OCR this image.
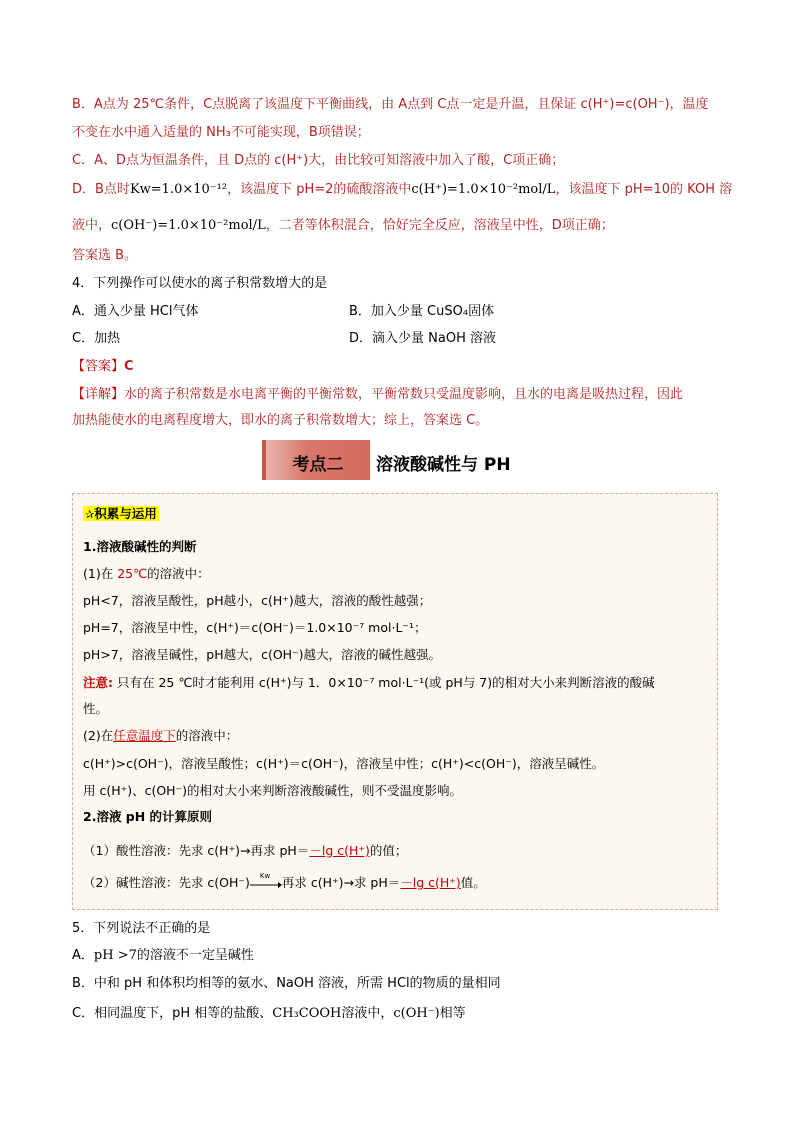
B．A点为 25℃条件，C点脱离了该温度下平衡曲线，由 A点到 C点一定是升温，且保证 c(H⁺)=c(OH⁻)，温度
不变在水中通入适量的 NH₃不可能实现，B项错误；
C．A、D点为恒温条件，且 D点的 c(H⁺)大，由比较可知溶液中加入了酸，C项正确；
D．B点时Kw=1.0×10⁻¹²，该温度下 pH=2的硫酸溶液中c(H⁺)=1.0×10⁻²mol/L，该温度下 pH=10的 KOH 溶
液中，c(OH⁻)=1.0×10⁻²mol/L，二者等体积混合，恰好完全反应，溶液呈中性，D项正确；
答案选 B。
4．下列操作可以使水的离子积常数增大的是
A．通入少量 HCl气体	B．加入少量 CuSO₄固体
C．加热	D．滴入少量 NaOH 溶液
【答案】C
【详解】水的离子积常数是水电离平衡的平衡常数，平衡常数只受温度影响，且水的电离是吸热过程，因此
加热能使水的电离程度增大，即水的离子积常数增大；综上，答案选 C。
考点二	溶液酸碱性与 PH
✰积累与运用
1.溶液酸碱性的判断
(1)在 25℃的溶液中：
pH<7，溶液呈酸性，pH越小，c(H⁺)越大，溶液的酸性越强；
pH=7，溶液呈中性，c(H⁺)＝c(OH⁻)＝1.0×10⁻⁷ mol·L⁻¹；
pH>7，溶液呈碱性，pH越大，c(OH⁻)越大，溶液的碱性越强。
注意: 只有在 25 ℃时才能利用 c(H⁺)与 1．0×10⁻⁷ mol·L⁻¹(或 pH与 7)的相对大小来判断溶液的酸碱
性。
(2)在任意温度下的溶液中：
c(H⁺)>c(OH⁻)，溶液呈酸性；c(H⁺)＝c(OH⁻)，溶液呈中性；c(H⁺)<c(OH⁻)，溶液呈碱性。
用 c(H⁺)、c(OH⁻)的相对大小来判断溶液酸碱性，则不受温度影响。
2.溶液 pH 的计算原则
（1）酸性溶液：先求 c(H⁺)→再求 pH＝－lg c(H⁺)的值；
（2）碱性溶液：先求 c(OH⁻) Kw 再求 c(H⁺)→求 pH＝－lg c(H⁺)值。
5．下列说法不正确的是
A．pH >7的溶液不一定呈碱性
B．中和 pH 和体积均相等的氨水、NaOH 溶液，所需 HCl的物质的量相同
C．相同温度下，pH 相等的盐酸、CH₃COOH溶液中，c(OH⁻)相等
